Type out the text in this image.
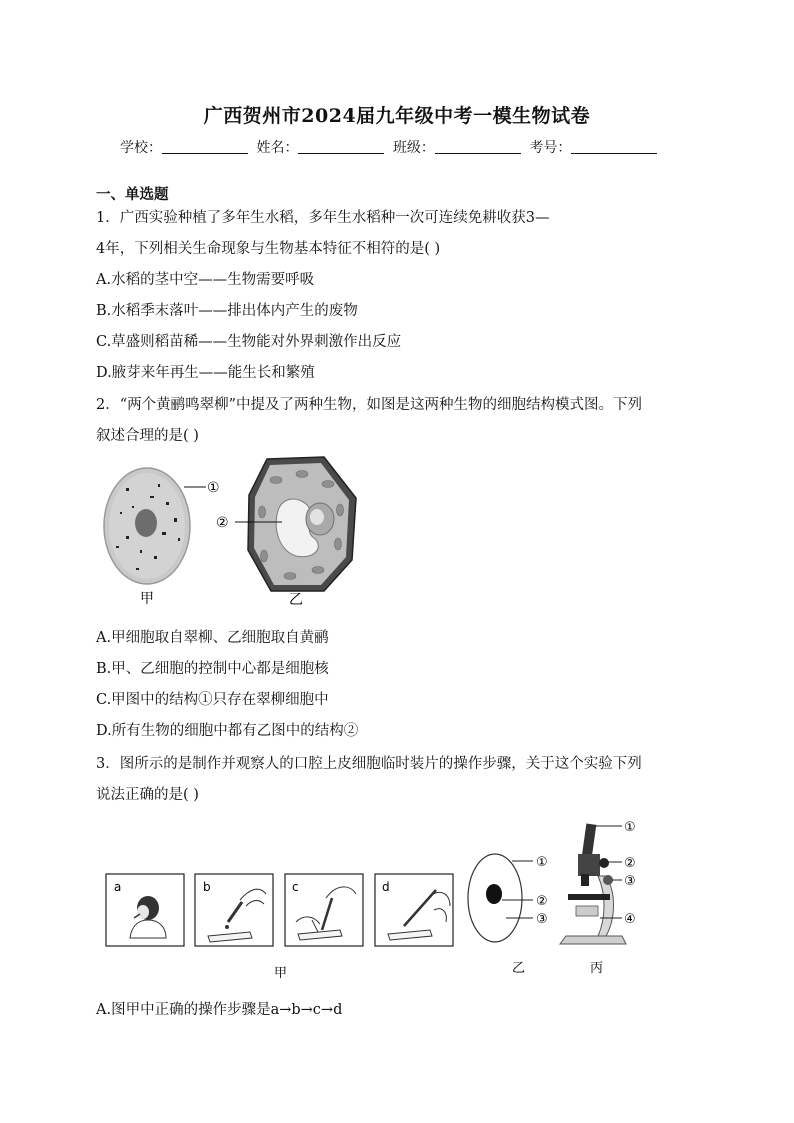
广西贺州市2024届九年级中考一模生物试卷
学校：	姓名：	班级：	考号：
一、单选题
1．广西实验种植了多年生水稻，多年生水稻种一次可连续免耕收获3—
4年，下列相关生命现象与生物基本特征不相符的是( )
A.水稻的茎中空——生物需要呼吸
B.水稻季末落叶——排出体内产生的废物
C.草盛则稻苗稀——生物能对外界刺激作出反应
D.腋芽来年再生——能生长和繁殖
2．“两个黄鹂鸣翠柳”中提及了两种生物，如图是这两种生物的细胞结构模式图。下列
叙述合理的是( )
①
甲
②
乙
A.甲细胞取自翠柳、乙细胞取自黄鹂
B.甲、乙细胞的控制中心都是细胞核
C.甲图中的结构①只存在翠柳细胞中
D.所有生物的细胞中都有乙图中的结构②
3．图所示的是制作并观察人的口腔上皮细胞临时装片的操作步骤，关于这个实验下列
说法正确的是( )
a	b	c	d
甲
①
②
③
乙
①
②
③
④
丙
A.图甲中正确的操作步骤是a→b→c→d
